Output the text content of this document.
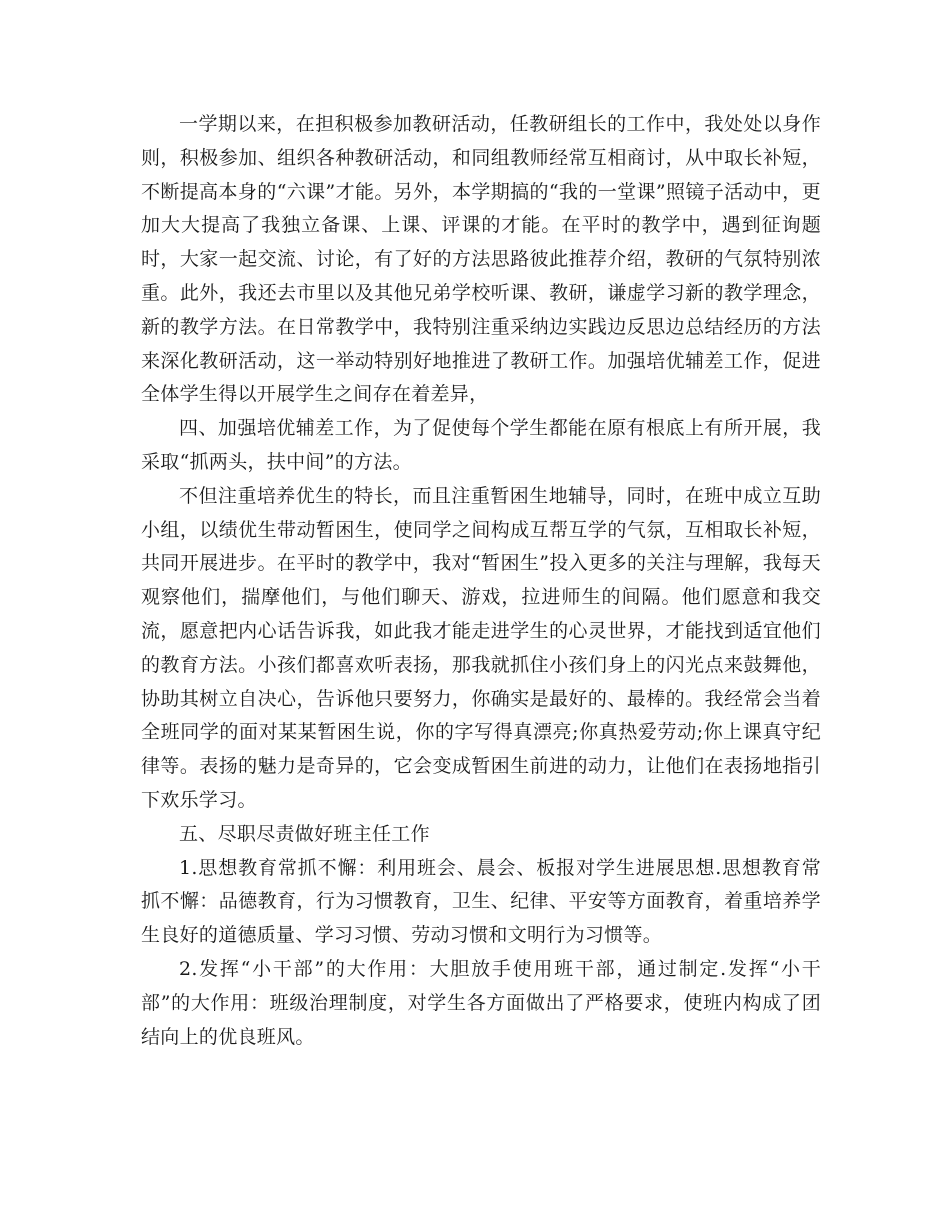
一学期以来，在担积极参加教研活动，任教研组长的工作中，我处处以身作则，积极参加、组织各种教研活动，和同组教师经常互相商讨，从中取长补短，不断提高本身的“六课”才能。另外，本学期搞的“我的一堂课”照镜子活动中，更加大大提高了我独立备课、上课、评课的才能。在平时的教学中，遇到征询题时，大家一起交流、讨论，有了好的方法思路彼此推荐介绍，教研的气氛特别浓重。此外，我还去市里以及其他兄弟学校听课、教研，谦虚学习新的教学理念，新的教学方法。在日常教学中，我特别注重采纳边实践边反思边总结经历的方法来深化教研活动，这一举动特别好地推进了教研工作。加强培优辅差工作，促进全体学生得以开展学生之间存在着差异，

四、加强培优辅差工作，为了促使每个学生都能在原有根底上有所开展，我采取“抓两头，扶中间”的方法。

不但注重培养优生的特长，而且注重暂困生地辅导，同时，在班中成立互助小组，以绩优生带动暂困生，使同学之间构成互帮互学的气氛，互相取长补短，共同开展进步。在平时的教学中，我对“暂困生”投入更多的关注与理解，我每天观察他们，揣摩他们，与他们聊天、游戏，拉进师生的间隔。他们愿意和我交流，愿意把内心话告诉我，如此我才能走进学生的心灵世界，才能找到适宜他们的教育方法。小孩们都喜欢听表扬，那我就抓住小孩们身上的闪光点来鼓舞他，协助其树立自决心，告诉他只要努力，你确实是最好的、最棒的。我经常会当着全班同学的面对某某暂困生说，你的字写得真漂亮;你真热爱劳动;你上课真守纪律等。表扬的魅力是奇异的，它会变成暂困生前进的动力，让他们在表扬地指引下欢乐学习。

五、尽职尽责做好班主任工作

1.思想教育常抓不懈：利用班会、晨会、板报对学生进展思想.思想教育常抓不懈：品德教育，行为习惯教育，卫生、纪律、平安等方面教育，着重培养学生良好的道德质量、学习习惯、劳动习惯和文明行为习惯等。

2.发挥“小干部”的大作用：大胆放手使用班干部，通过制定.发挥“小干部”的大作用：班级治理制度，对学生各方面做出了严格要求，使班内构成了团结向上的优良班风。
